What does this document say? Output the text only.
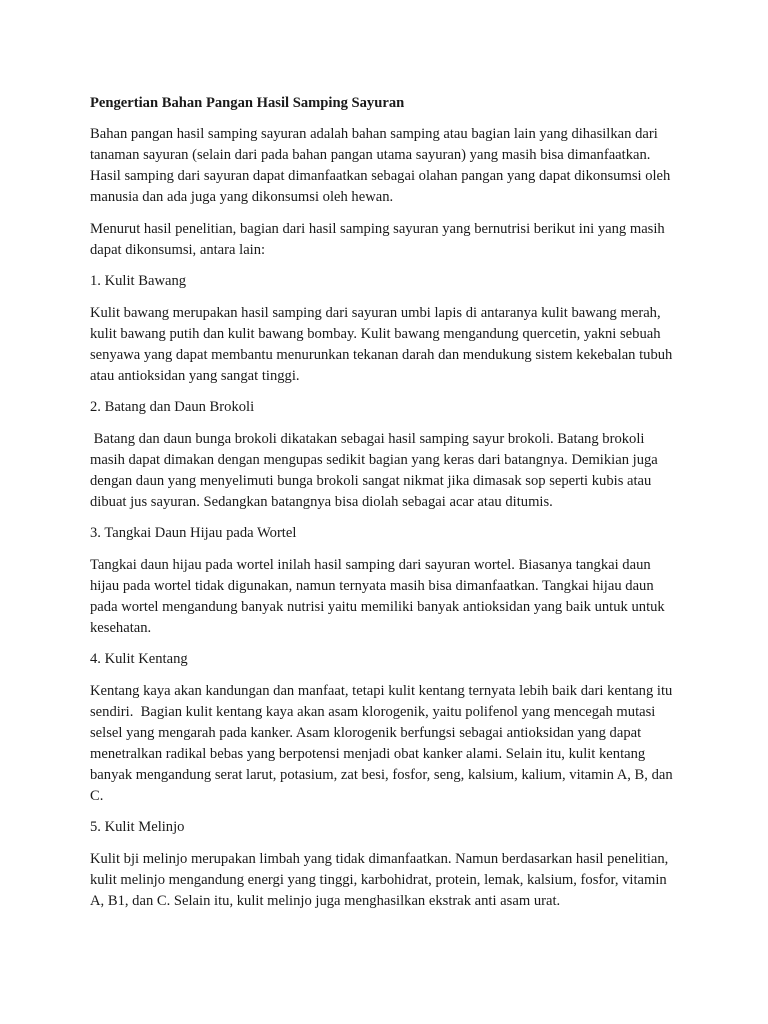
Pengertian Bahan Pangan Hasil Samping Sayuran

Bahan pangan hasil samping sayuran adalah bahan samping atau bagian lain yang dihasilkan dari tanaman sayuran (selain dari pada bahan pangan utama sayuran) yang masih bisa dimanfaatkan. Hasil samping dari sayuran dapat dimanfaatkan sebagai olahan pangan yang dapat dikonsumsi oleh manusia dan ada juga yang dikonsumsi oleh hewan.

Menurut hasil penelitian, bagian dari hasil samping sayuran yang bernutrisi berikut ini yang masih dapat dikonsumsi, antara lain:

1. Kulit Bawang

Kulit bawang merupakan hasil samping dari sayuran umbi lapis di antaranya kulit bawang merah, kulit bawang putih dan kulit bawang bombay. Kulit bawang mengandung quercetin, yakni sebuah senyawa yang dapat membantu menurunkan tekanan darah dan mendukung sistem kekebalan tubuh atau antioksidan yang sangat tinggi.

2. Batang dan Daun Brokoli

Batang dan daun bunga brokoli dikatakan sebagai hasil samping sayur brokoli. Batang brokoli masih dapat dimakan dengan mengupas sedikit bagian yang keras dari batangnya. Demikian juga dengan daun yang menyelimuti bunga brokoli sangat nikmat jika dimasak sop seperti kubis atau dibuat jus sayuran. Sedangkan batangnya bisa diolah sebagai acar atau ditumis.

3. Tangkai Daun Hijau pada Wortel

Tangkai daun hijau pada wortel inilah hasil samping dari sayuran wortel. Biasanya tangkai daun hijau pada wortel tidak digunakan, namun ternyata masih bisa dimanfaatkan. Tangkai hijau daun pada wortel mengandung banyak nutrisi yaitu memiliki banyak antioksidan yang baik untuk untuk kesehatan.

4. Kulit Kentang

Kentang kaya akan kandungan dan manfaat, tetapi kulit kentang ternyata lebih baik dari kentang itu sendiri.  Bagian kulit kentang kaya akan asam klorogenik, yaitu polifenol yang mencegah mutasi selsel yang mengarah pada kanker. Asam klorogenik berfungsi sebagai antioksidan yang dapat menetralkan radikal bebas yang berpotensi menjadi obat kanker alami. Selain itu, kulit kentang banyak mengandung serat larut, potasium, zat besi, fosfor, seng, kalsium, kalium, vitamin A, B, dan C.

5. Kulit Melinjo

Kulit bji melinjo merupakan limbah yang tidak dimanfaatkan. Namun berdasarkan hasil penelitian, kulit melinjo mengandung energi yang tinggi, karbohidrat, protein, lemak, kalsium, fosfor, vitamin A, B1, dan C. Selain itu, kulit melinjo juga menghasilkan ekstrak anti asam urat.
